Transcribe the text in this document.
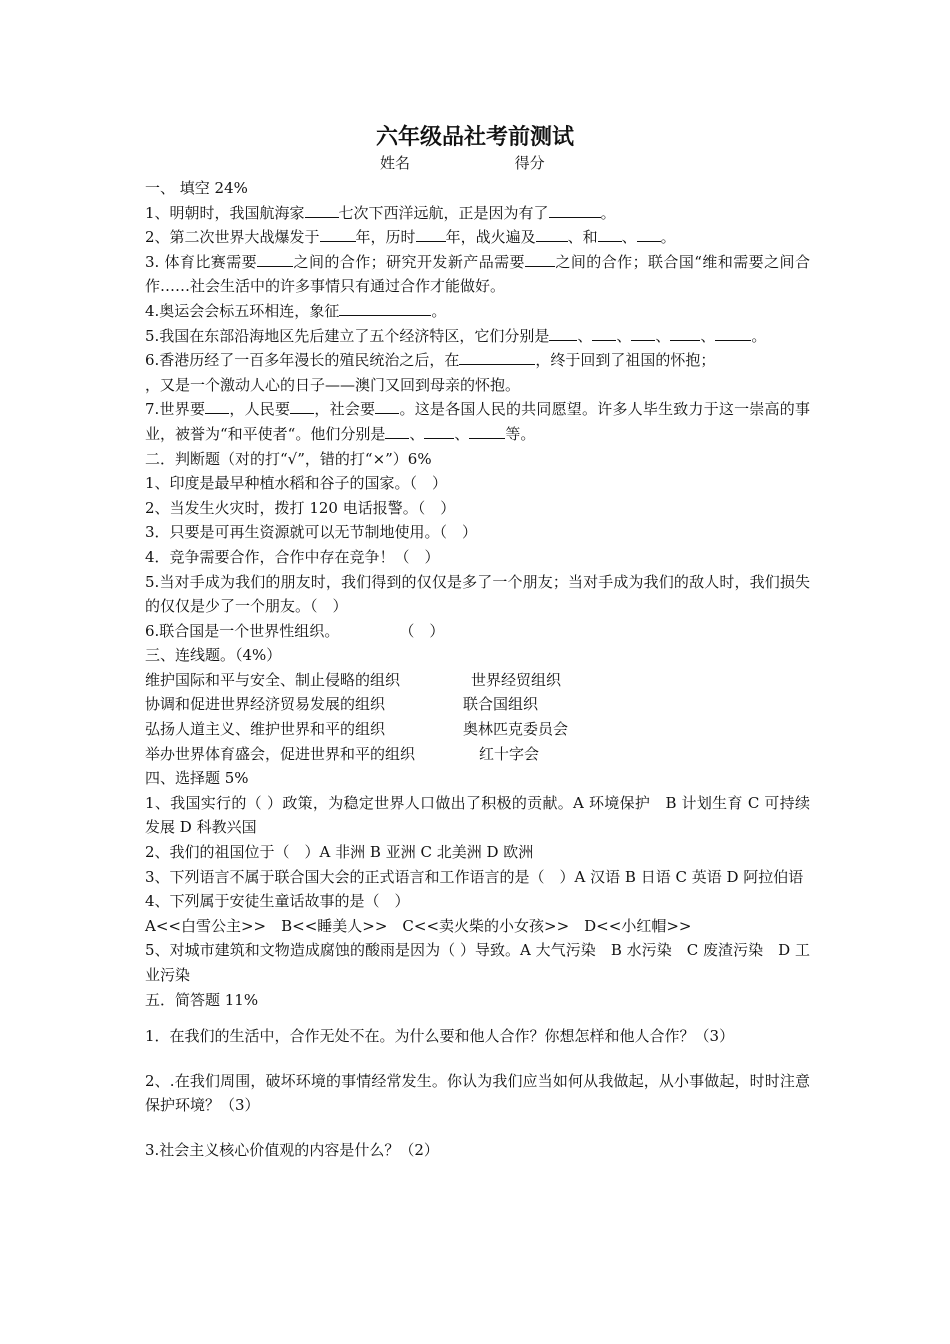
六年级品社考前测试
姓名	得分
一、 填空 24%
1、明朝时，我国航海家 七次下西洋远航，正是因为有了	。
2、第二次世界大战爆发于 年，历时 年，战火遍及 、和 、 。
3. 体育比赛需要 之间的合作；研究开发新产品需要 之间的合作；联合国“维和需要之间合作……社会生活中的许多事情只有通过合作才能做好。
4.奥运会会标五环相连，象征	。
5.我国在东部沿海地区先后建立了五个经济特区，它们分别是 、 、 、 、 。
6.香港历经了一百多年漫长的殖民统治之后，在	，终于回到了祖国的怀抱；
，又是一个激动人心的日子——澳门又回到母亲的怀抱。
7.世界要 ，人民要 ，社会要 。这是各国人民的共同愿望。许多人毕生致力于这一崇高的事业，被誉为“和平使者“。他们分别是 、 、 等。
二．判断题（对的打“√”，错的打“×”）6%
1、印度是最早种植水稻和谷子的国家。（　）
2、当发生火灾时，拨打 120 电话报警。（　）
3．只要是可再生资源就可以无节制地使用。（　）
4．竞争需要合作，合作中存在竞争！（　）
5.当对手成为我们的朋友时，我们得到的仅仅是多了一个朋友；当对手成为我们的敌人时，我们损失的仅仅是少了一个朋友。（　）
6.联合国是一个世界性组织。　　　　　（　）
三、连线题。（4%）
维护国际和平与安全、制止侵略的组织	世界经贸组织
协调和促进世界经济贸易发展的组织	联合国组织
弘扬人道主义、维护世界和平的组织	奥林匹克委员会
举办世界体育盛会，促进世界和平的组织	红十字会
四、选择题 5%
1、我国实行的（ ）政策，为稳定世界人口做出了积极的贡献。A 环境保护　B 计划生育 C 可持续发展 D 科教兴国
2、我们的祖国位于（　）A 非洲 B 亚洲 C 北美洲 D 欧洲
3、下列语言不属于联合国大会的正式语言和工作语言的是（　）A 汉语 B 日语 C 英语 D 阿拉伯语
4、下列属于安徒生童话故事的是（　）
A<<白雪公主>>　B<<睡美人>>　C<<卖火柴的小女孩>>　D<<小红帽>>
5、对城市建筑和文物造成腐蚀的酸雨是因为（ ）导致。A 大气污染　B 水污染　C 废渣污染　D 工业污染
五．简答题 11%
1．在我们的生活中，合作无处不在。为什么要和他人合作？你想怎样和他人合作？（3）
2、.在我们周围，破坏环境的事情经常发生。你认为我们应当如何从我做起，从小事做起，时时注意保护环境？（3）
3.社会主义核心价值观的内容是什么？（2）
